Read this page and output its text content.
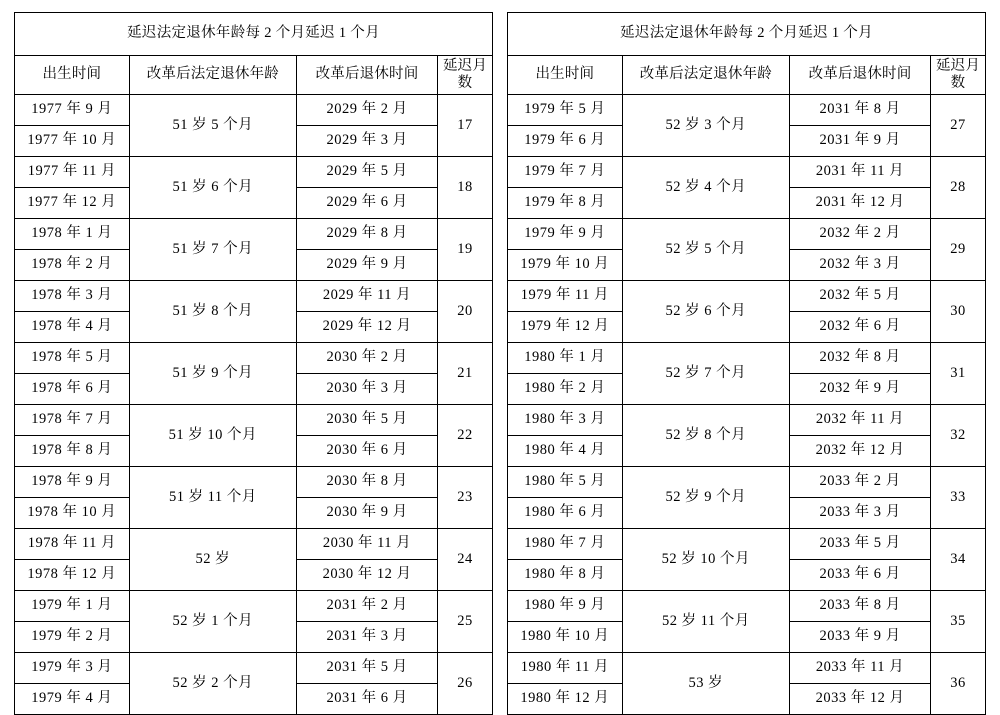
延迟法定退休年龄每 2 个月延迟 1 个月			
出生时间	改革后法定退休年龄	改革后退休时间	延迟月数
1977 年 9 月	51 岁 5 个月	2029 年 2 月	17
1977 年 10 月		2029 年 3 月	
1977 年 11 月	51 岁 6 个月	2029 年 5 月	18
1977 年 12 月		2029 年 6 月	
1978 年 1 月	51 岁 7 个月	2029 年 8 月	19
1978 年 2 月		2029 年 9 月	
1978 年 3 月	51 岁 8 个月	2029 年 11 月	20
1978 年 4 月		2029 年 12 月	
1978 年 5 月	51 岁 9 个月	2030 年 2 月	21
1978 年 6 月		2030 年 3 月	
1978 年 7 月	51 岁 10 个月	2030 年 5 月	22
1978 年 8 月		2030 年 6 月	
1978 年 9 月	51 岁 11 个月	2030 年 8 月	23
1978 年 10 月		2030 年 9 月	
1978 年 11 月	52 岁	2030 年 11 月	24
1978 年 12 月		2030 年 12 月	
1979 年 1 月	52 岁 1 个月	2031 年 2 月	25
1979 年 2 月		2031 年 3 月	
1979 年 3 月	52 岁 2 个月	2031 年 5 月	26
1979 年 4 月		2031 年 6 月	
延迟法定退休年龄每 2 个月延迟 1 个月			
出生时间	改革后法定退休年龄	改革后退休时间	延迟月数
1979 年 5 月	52 岁 3 个月	2031 年 8 月	27
1979 年 6 月		2031 年 9 月	
1979 年 7 月	52 岁 4 个月	2031 年 11 月	28
1979 年 8 月		2031 年 12 月	
1979 年 9 月	52 岁 5 个月	2032 年 2 月	29
1979 年 10 月		2032 年 3 月	
1979 年 11 月	52 岁 6 个月	2032 年 5 月	30
1979 年 12 月		2032 年 6 月	
1980 年 1 月	52 岁 7 个月	2032 年 8 月	31
1980 年 2 月		2032 年 9 月	
1980 年 3 月	52 岁 8 个月	2032 年 11 月	32
1980 年 4 月		2032 年 12 月	
1980 年 5 月	52 岁 9 个月	2033 年 2 月	33
1980 年 6 月		2033 年 3 月	
1980 年 7 月	52 岁 10 个月	2033 年 5 月	34
1980 年 8 月		2033 年 6 月	
1980 年 9 月	52 岁 11 个月	2033 年 8 月	35
1980 年 10 月		2033 年 9 月	
1980 年 11 月	53 岁	2033 年 11 月	36
1980 年 12 月		2033 年 12 月	
